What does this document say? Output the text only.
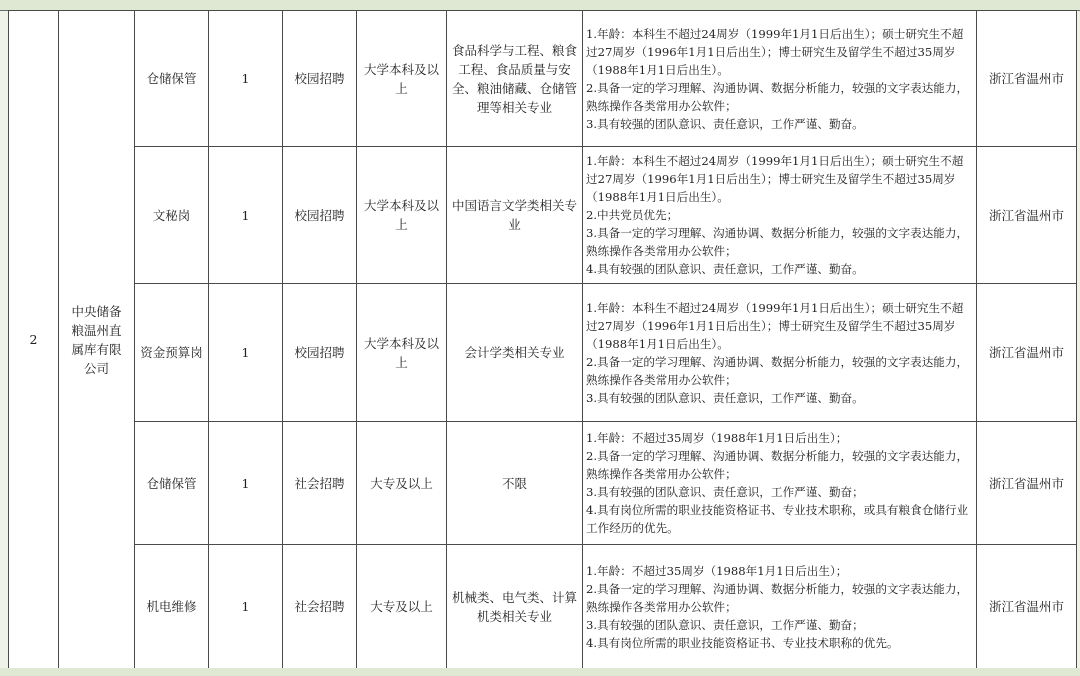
2	中央储备粮温州直属库有限公司	仓储保管	1	校园招聘	大学本科及以上	食品科学与工程、粮食工程、食品质量与安全、粮油储藏、仓储管理等相关专业	1.年龄：本科生不超过24周岁（1999年1月1日后出生）；硕士研究生不超过27周岁（1996年1月1日后出生）；博士研究生及留学生不超过35周岁（1988年1月1日后出生）。
2.具备一定的学习理解、沟通协调、数据分析能力，较强的文字表达能力，熟练操作各类常用办公软件；
3.具有较强的团队意识、责任意识，工作严谨、勤奋。	浙江省温州市
		文秘岗	1	校园招聘	大学本科及以上	中国语言文学类相关专业	1.年龄：本科生不超过24周岁（1999年1月1日后出生）；硕士研究生不超过27周岁（1996年1月1日后出生）；博士研究生及留学生不超过35周岁（1988年1月1日后出生）。
2.中共党员优先；
3.具备一定的学习理解、沟通协调、数据分析能力，较强的文字表达能力，熟练操作各类常用办公软件；
4.具有较强的团队意识、责任意识，工作严谨、勤奋。	浙江省温州市
		资金预算岗	1	校园招聘	大学本科及以上	会计学类相关专业	1.年龄：本科生不超过24周岁（1999年1月1日后出生）；硕士研究生不超过27周岁（1996年1月1日后出生）；博士研究生及留学生不超过35周岁（1988年1月1日后出生）。
2.具备一定的学习理解、沟通协调、数据分析能力，较强的文字表达能力，熟练操作各类常用办公软件；
3.具有较强的团队意识、责任意识，工作严谨、勤奋。	浙江省温州市
		仓储保管	1	社会招聘	大专及以上	不限	1.年龄：不超过35周岁（1988年1月1日后出生）；
2.具备一定的学习理解、沟通协调、数据分析能力，较强的文字表达能力，熟练操作各类常用办公软件；
3.具有较强的团队意识、责任意识，工作严谨、勤奋；
4.具有岗位所需的职业技能资格证书、专业技术职称，或具有粮食仓储行业工作经历的优先。	浙江省温州市
		机电维修	1	社会招聘	大专及以上	机械类、电气类、计算机类相关专业	1.年龄：不超过35周岁（1988年1月1日后出生）；
2.具备一定的学习理解、沟通协调、数据分析能力，较强的文字表达能力，熟练操作各类常用办公软件；
3.具有较强的团队意识、责任意识，工作严谨、勤奋；
4.具有岗位所需的职业技能资格证书、专业技术职称的优先。	浙江省温州市
